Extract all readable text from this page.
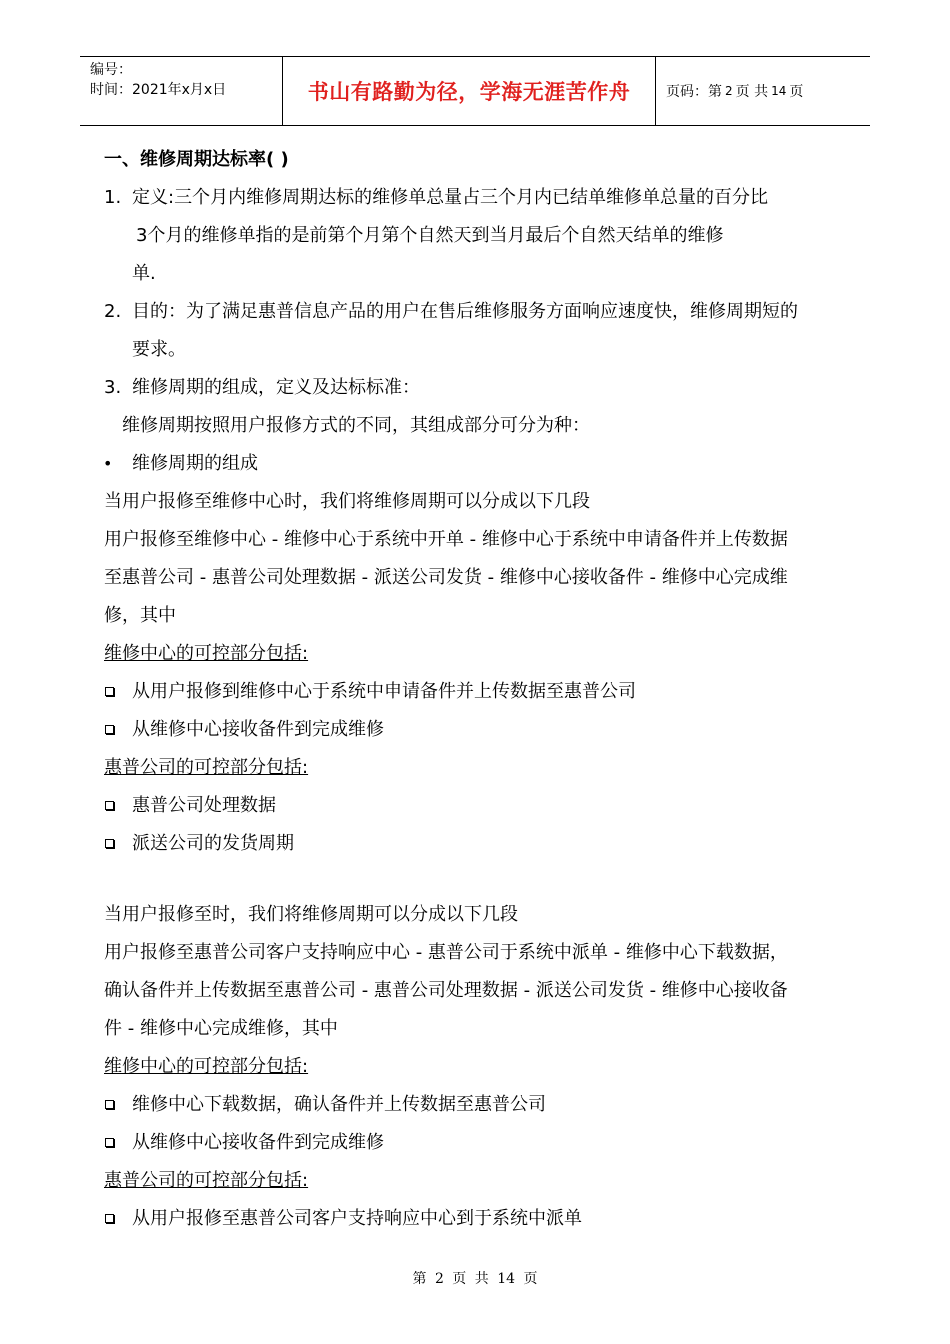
编号：
时间：2021年x月x日	书山有路勤为径，学海无涯苦作舟	页码：第 2 页 共 14 页
一、维修周期达标率( )
1. 定义:三个月内维修周期达标的维修单总量占三个月内已结单维修单总量的百分比
3个月的维修单指的是前第个月第个自然天到当月最后个自然天结单的维修
单.
2. 目的：为了满足惠普信息产品的用户在售后维修服务方面响应速度快，维修周期短的
要求。
3. 维修周期的组成，定义及达标标准：
维修周期按照用户报修方式的不同，其组成部分可分为种：
• 维修周期的组成
当用户报修至维修中心时，我们将维修周期可以分成以下几段
用户报修至维修中心 - 维修中心于系统中开单 - 维修中心于系统中申请备件并上传数据
至惠普公司 - 惠普公司处理数据 - 派送公司发货 - 维修中心接收备件 - 维修中心完成维
修，其中
维修中心的可控部分包括:
从用户报修到维修中心于系统中申请备件并上传数据至惠普公司
从维修中心接收备件到完成维修
惠普公司的可控部分包括:
惠普公司处理数据
派送公司的发货周期
当用户报修至时，我们将维修周期可以分成以下几段
用户报修至惠普公司客户支持响应中心 - 惠普公司于系统中派单 - 维修中心下载数据，
确认备件并上传数据至惠普公司 - 惠普公司处理数据 - 派送公司发货 - 维修中心接收备
件 - 维修中心完成维修，其中
维修中心的可控部分包括:
维修中心下载数据，确认备件并上传数据至惠普公司
从维修中心接收备件到完成维修
惠普公司的可控部分包括:
从用户报修至惠普公司客户支持响应中心到于系统中派单
第 2 页 共 14 页
